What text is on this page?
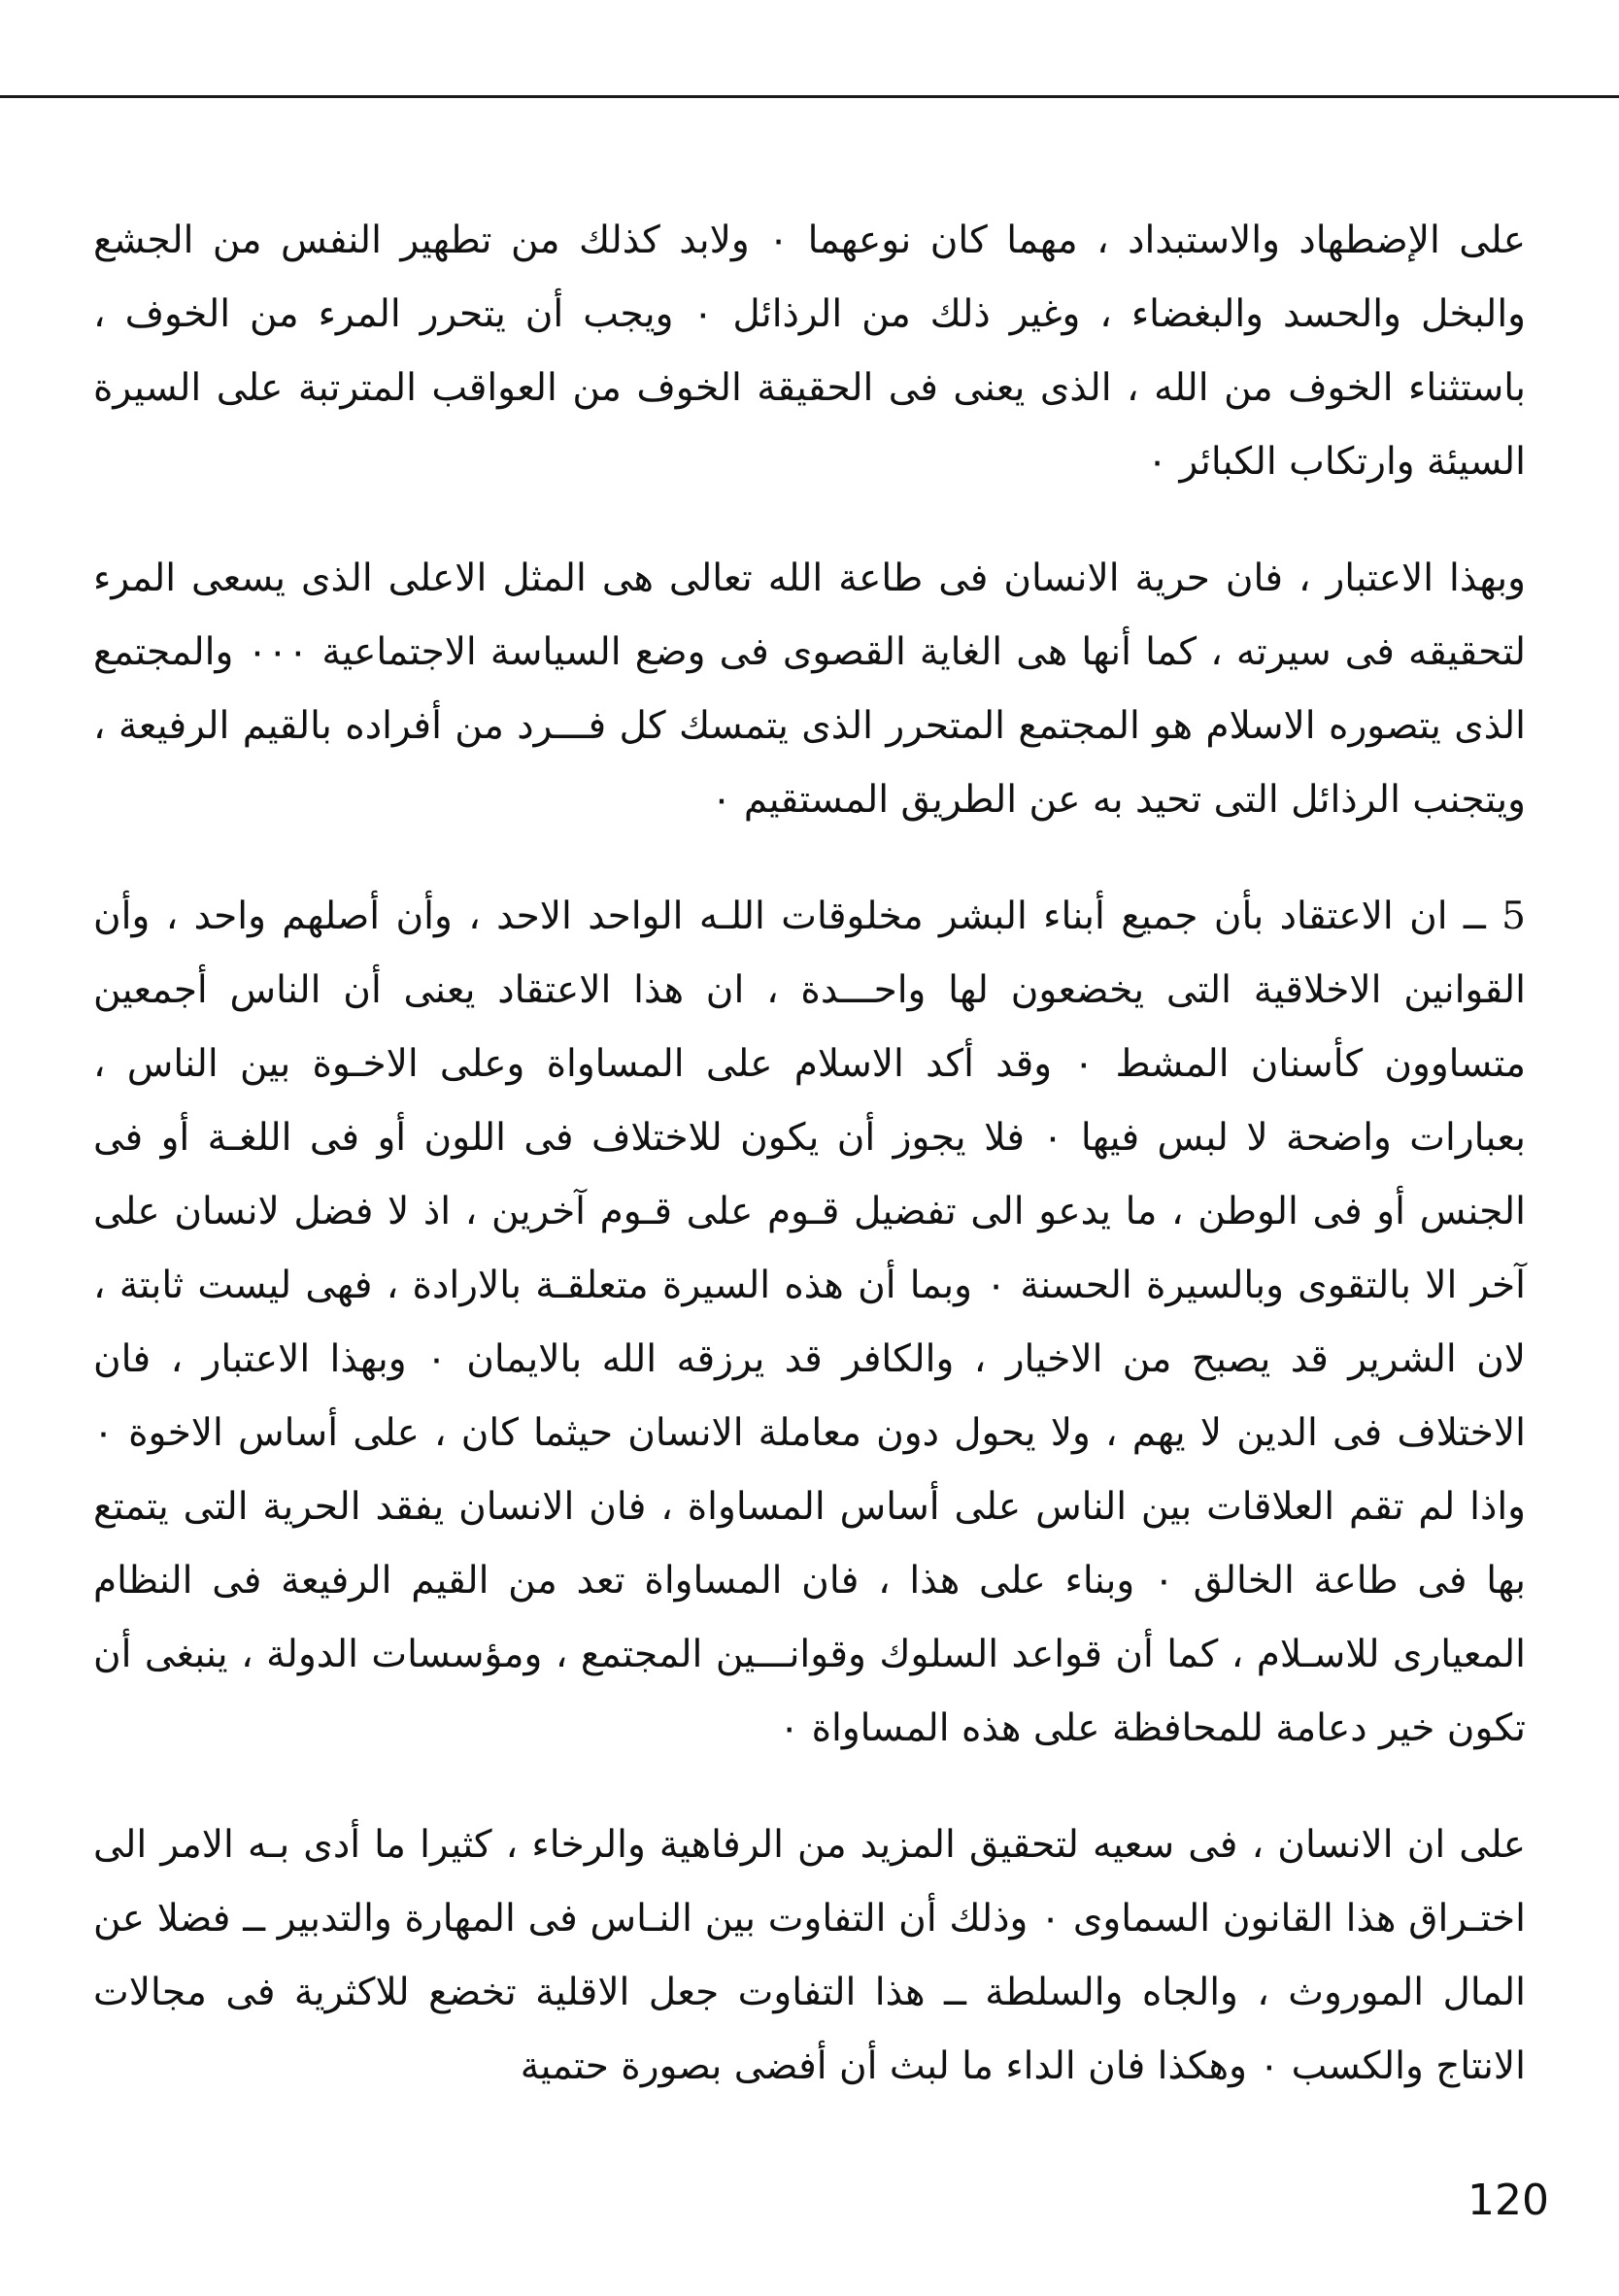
على الإضطهاد والاستبداد ، مهما كان نوعهما ٠ ولابد كذلك من تطهير النفس من الجشع والبخل والحسد والبغضاء ، وغير ذلك من الرذائل ٠ ويجب أن يتحرر المرء من الخوف ، باستثناء الخوف من الله ، الذى يعنى فى الحقيقة الخوف من العواقب المترتبة على السيرة السيئة وارتكاب الكبائر ٠

وبهذا الاعتبار ، فان حرية الانسان فى طاعة الله تعالى هى المثل الاعلى الذى يسعى المرء لتحقيقه فى سيرته ، كما أنها هى الغاية القصوى فى وضع السياسة الاجتماعية ٠٠٠ والمجتمع الذى يتصوره الاسلام هو المجتمع المتحرر الذى يتمسك كل فـــرد من أفراده بالقيم الرفيعة ، ويتجنب الرذائل التى تحيد به عن الطريق المستقيم ٠

5 ــ ان الاعتقاد بأن جميع أبناء البشر مخلوقات اللـه الواحد الاحد ، وأن أصلهم واحد ، وأن القوانين الاخلاقية التى يخضعون لها واحـــدة ، ان هذا الاعتقاد يعنى أن الناس أجمعين متساوون كأسنان المشط ٠ وقد أكد الاسلام على المساواة وعلى الاخـوة بين الناس ، بعبارات واضحة لا لبس فيها ٠ فلا يجوز أن يكون للاختلاف فى اللون أو فى اللغـة أو فى الجنس أو فى الوطن ، ما يدعو الى تفضيل قـوم على قـوم آخرين ، اذ لا فضل لانسان على آخر الا بالتقوى وبالسيرة الحسنة ٠ وبما أن هذه السيرة متعلقـة بالارادة ، فهى ليست ثابتة ، لان الشرير قد يصبح من الاخيار ، والكافر قد يرزقه الله بالايمان ٠ وبهذا الاعتبار ، فان الاختلاف فى الدين لا يهم ، ولا يحول دون معاملة الانسان حيثما كان ، على أساس الاخوة ٠ واذا لم تقم العلاقات بين الناس على أساس المساواة ، فان الانسان يفقد الحرية التى يتمتع بها فى طاعة الخالق ٠ وبناء على هذا ، فان المساواة تعد من القيم الرفيعة فى النظام المعيارى للاسـلام ، كما أن قواعد السلوك وقوانـــين المجتمع ، ومؤسسات الدولة ، ينبغى أن تكون خير دعامة للمحافظة على هذه المساواة ٠

على ان الانسان ، فى سعيه لتحقيق المزيد من الرفاهية والرخاء ، كثيرا ما أدى بـه الامر الى اختـراق هذا القانون السماوى ٠ وذلك أن التفاوت بين النـاس فى المهارة والتدبير ــ فضلا عن المال الموروث ، والجاه والسلطة ــ هذا التفاوت جعل الاقلية تخضع للاكثرية فى مجالات الانتاج والكسب ٠ وهكذا فان الداء ما لبث أن أفضى بصورة حتمية

120
